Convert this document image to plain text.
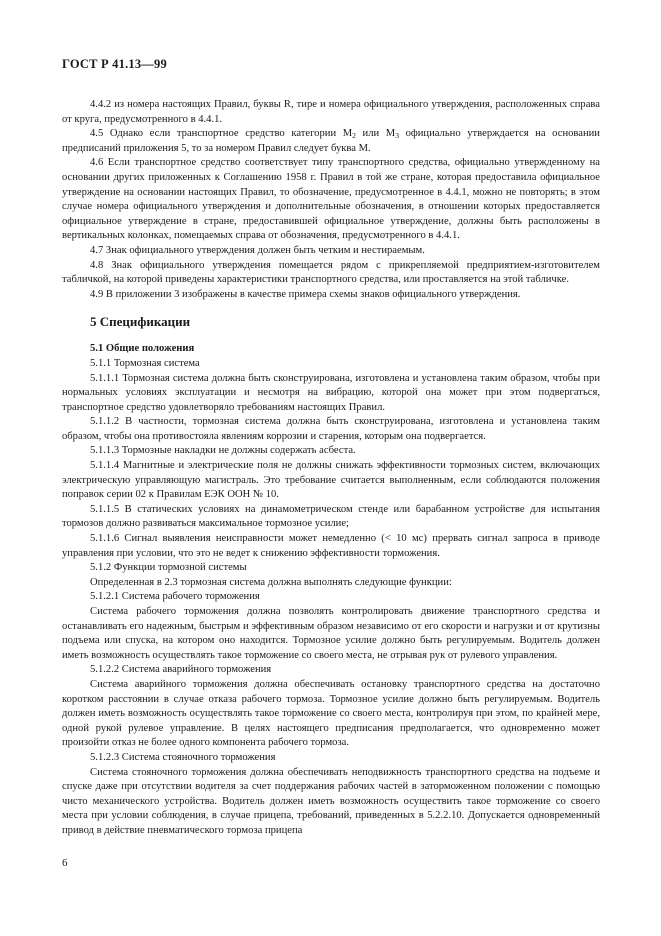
ГОСТ Р 41.13—99

4.4.2 из номера настоящих Правил, буквы R, тире и номера официального утверждения, расположенных справа от круга, предусмотренного в 4.4.1.

4.5 Однако если транспортное средство категории $М_2$ или $М_3$ официально утверждается на основании предписаний приложения 5, то за номером Правил следует буква М.

4.6 Если транспортное средство соответствует типу транспортного средства, официально утвержденному на основании других приложенных к Соглашению 1958 г. Правил в той же стране, которая предоставила официальное утверждение на основании настоящих Правил, то обозначение, предусмотренное в 4.4.1, можно не повторять; в этом случае номера официального утверждения и дополнительные обозначения, в отношении которых предоставляется официальное утверждение в стране, предоставившей официальное утверждение, должны быть расположены в вертикальных колонках, помещаемых справа от обозначения, предусмотренного в 4.4.1.

4.7 Знак официального утверждения должен быть четким и нестираемым.

4.8 Знак официального утверждения помещается рядом с прикрепляемой предприятием-изготовителем табличкой, на которой приведены характеристики транспортного средства, или проставляется на этой табличке.

4.9 В приложении 3 изображены в качестве примера схемы знаков официального утверждения.

5 Спецификации

5.1 Общие положения

5.1.1 Тормозная система

5.1.1.1 Тормозная система должна быть сконструирована, изготовлена и установлена таким образом, чтобы при нормальных условиях эксплуатации и несмотря на вибрацию, которой она может при этом подвергаться, транспортное средство удовлетворяло требованиям настоящих Правил.

5.1.1.2 В частности, тормозная система должна быть сконструирована, изготовлена и установлена таким образом, чтобы она противостояла явлениям коррозии и старения, которым она подвергается.

5.1.1.3 Тормозные накладки не должны содержать асбеста.

5.1.1.4 Магнитные и электрические поля не должны снижать эффективности тормозных систем, включающих электрическую управляющую магистраль. Это требование считается выполненным, если соблюдаются положения поправок серии 02 к Правилам ЕЭК ООН № 10.

5.1.1.5 В статических условиях на динамометрическом стенде или барабанном устройстве для испытания тормозов должно развиваться максимальное тормозное усилие;

5.1.1.6 Сигнал выявления неисправности может немедленно (< 10 мс) прервать сигнал запроса в приводе управления при условии, что это не ведет к снижению эффективности торможения.

5.1.2 Функции тормозной системы

Определенная в 2.3 тормозная система должна выполнять следующие функции:

5.1.2.1 Система рабочего торможения

Система рабочего торможения должна позволять контролировать движение транспортного средства и останавливать его надежным, быстрым и эффективным образом независимо от его скорости и нагрузки и от крутизны подъема или спуска, на котором оно находится. Тормозное усилие должно быть регулируемым. Водитель должен иметь возможность осуществлять такое торможение со своего места, не отрывая рук от рулевого управления.

5.1.2.2 Система аварийного торможения

Система аварийного торможения должна обеспечивать остановку транспортного средства на достаточно коротком расстоянии в случае отказа рабочего тормоза. Тормозное усилие должно быть регулируемым. Водитель должен иметь возможность осуществлять такое торможение со своего места, контролируя при этом, по крайней мере, одной рукой рулевое управление. В целях настоящего предписания предполагается, что одновременно может произойти отказ не более одного компонента рабочего тормоза.

5.1.2.3 Система стояночного торможения

Система стояночного торможения должна обеспечивать неподвижность транспортного средства на подъеме и спуске даже при отсутствии водителя за счет поддержания рабочих частей в заторможенном положении с помощью чисто механического устройства. Водитель должен иметь возможность осуществить такое торможение со своего места при условии соблюдения, в случае прицепа, требований, приведенных в 5.2.2.10. Допускается одновременный привод в действие пневматического тормоза прицепа

6
